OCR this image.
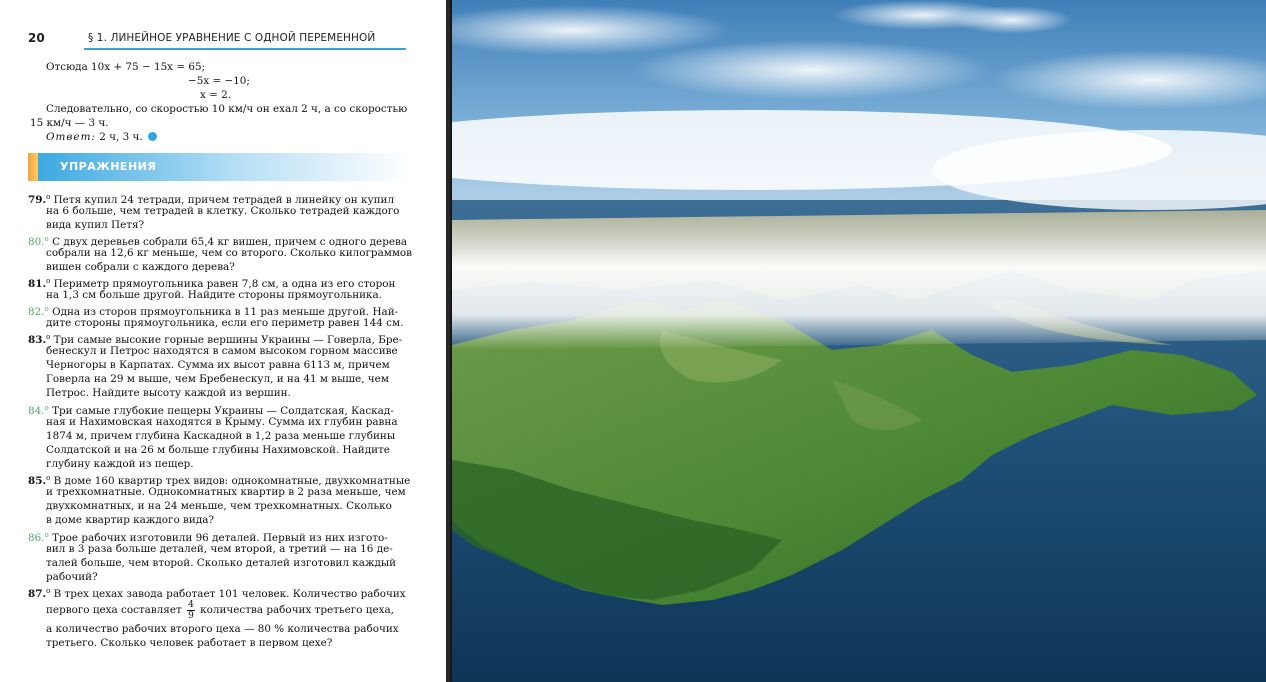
20	§ 1. ЛИНЕЙНОЕ УРАВНЕНИЕ С ОДНОЙ ПЕРЕМЕННОЙ
Отсюда 10x + 75 − 15x = 65;
−5x = −10;
x = 2.
Следовательно, со скоростью 10 км/ч он ехал 2 ч, а со скоростью
15 км/ч — 3 ч.
Ответ: 2 ч, 3 ч.
УПРАЖНЕНИЯ
79.$^o$ Петя купил 24 тетради, причем тетрадей в линейку он купил
на 6 больше, чем тетрадей в клетку. Сколько тетрадей каждого
вида купил Петя?
80.$^o$ С двух деревьев собрали 65,4 кг вишен, причем с одного дерева
собрали на 12,6 кг меньше, чем со второго. Сколько килограммов
вишен собрали с каждого дерева?
81.$^o$ Периметр прямоугольника равен 7,8 см, а одна из его сторон
на 1,3 см больше другой. Найдите стороны прямоугольника.
82.$^o$ Одна из сторон прямоугольника в 11 раз меньше другой. Най-
дите стороны прямоугольника, если его периметр равен 144 см.
83.$^o$ Три самые высокие горные вершины Украины — Говерла, Бре-
бенескул и Петрос находятся в самом высоком горном массиве
Черногоры в Карпатах. Сумма их высот равна 6113 м, причем
Говерла на 29 м выше, чем Бребенескул, и на 41 м выше, чем
Петрос. Найдите высоту каждой из вершин.
84.$^o$ Три самые глубокие пещеры Украины — Солдатская, Каскад-
ная и Нахимовская находятся в Крыму. Сумма их глубин равна
1874 м, причем глубина Каскадной в 1,2 раза меньше глубины
Солдатской и на 26 м больше глубины Нахимовской. Найдите
глубину каждой из пещер.
85.$^o$ В доме 160 квартир трех видов: однокомнатные, двухкомнатные
и трехкомнатные. Однокомнатных квартир в 2 раза меньше, чем
двухкомнатных, и на 24 меньше, чем трехкомнатных. Сколько
в доме квартир каждого вида?
86.$^o$ Трое рабочих изготовили 96 деталей. Первый из них изгото-
вил в 3 раза больше деталей, чем второй, а третий — на 16 де-
талей больше, чем второй. Сколько деталей изготовил каждый
рабочий?
87.$^o$ В трех цехах завода работает 101 человек. Количество рабочих
первого цеха составляет $\frac{4}{9}$ количества рабочих третьего цеха,
а количество рабочих второго цеха — 80 % количества рабочих
третьего. Сколько человек работает в первом цехе?
